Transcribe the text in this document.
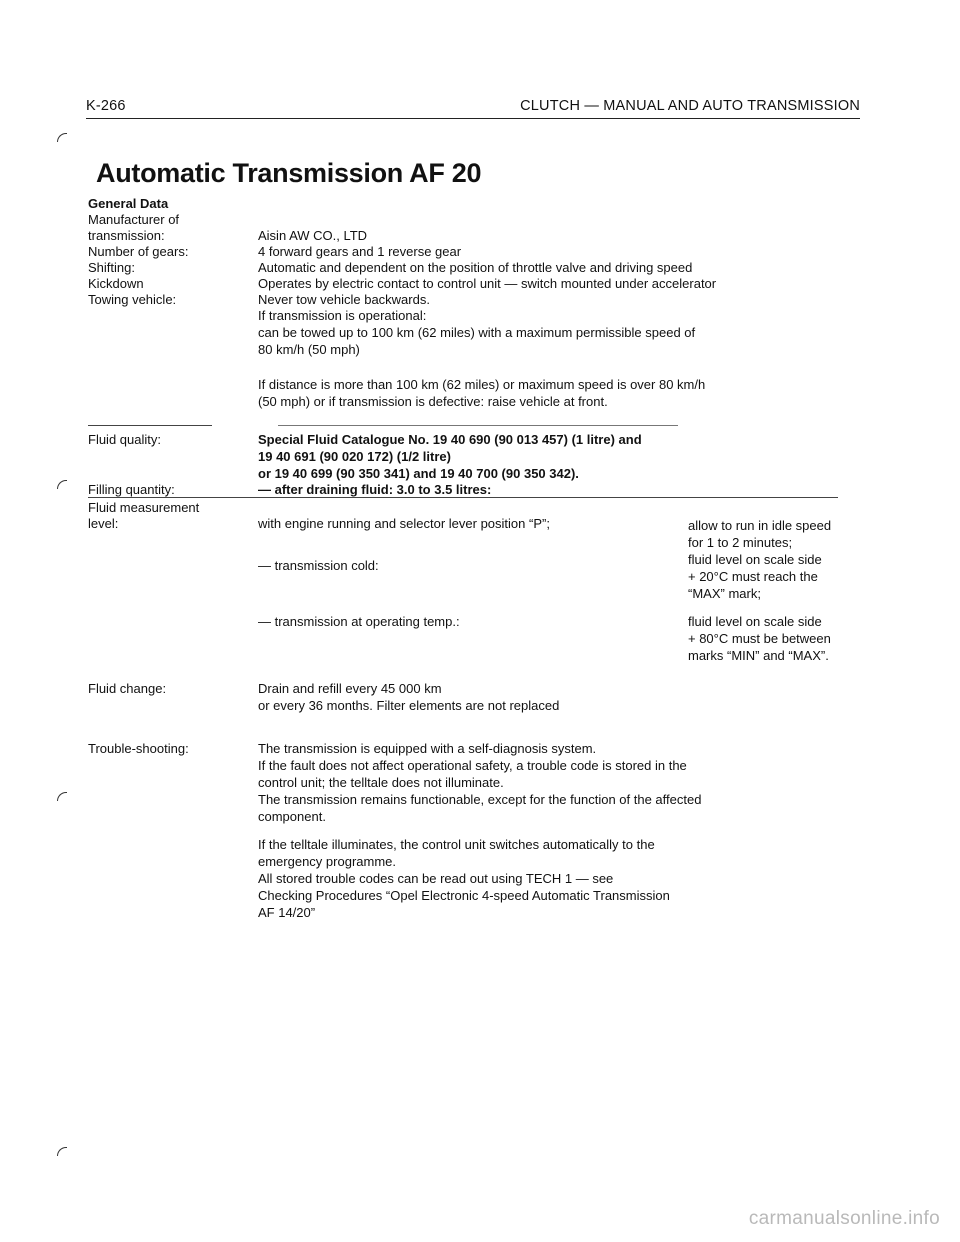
K-266	CLUTCH — MANUAL AND AUTO TRANSMISSION
Automatic Transmission AF 20
General Data
Manufacturer of
transmission:	Aisin AW CO., LTD
Number of gears:	4 forward gears and 1 reverse gear
Shifting:	Automatic and dependent on the position of throttle valve and driving speed
Kickdown	Operates by electric contact to control unit — switch mounted under accelerator
Towing vehicle:	Never tow vehicle backwards.
If transmission is operational:
can be towed up to 100 km (62 miles) with a maximum permissible speed of
80 km/h (50 mph)
If distance is more than 100 km (62 miles) or maximum speed is over 80 km/h
(50 mph) or if transmission is defective: raise vehicle at front.
Fluid quality:	Special Fluid Catalogue No. 19 40 690 (90 013 457) (1 litre) and
19 40 691 (90 020 172) (1/2 litre)
or 19 40 699 (90 350 341) and 19 40 700 (90 350 342).
Filling quantity:	— after draining fluid: 3.0 to 3.5 litres:
Fluid measurement
level:	with engine running and selector lever position “P”;	allow to run in idle speed
for 1 to 2 minutes;
— transmission cold:	fluid level on scale side
+ 20°C must reach the
“MAX” mark;
— transmission at operating temp.:	fluid level on scale side
+ 80°C must be between
marks “MIN” and “MAX”.
Fluid change:	Drain and refill every 45 000 km
or every 36 months. Filter elements are not replaced
Trouble-shooting:	The transmission is equipped with a self-diagnosis system.
If the fault does not affect operational safety, a trouble code is stored in the
control unit; the telltale does not illuminate.
The transmission remains functionable, except for the function of the affected
component.
If the telltale illuminates, the control unit switches automatically to the
emergency programme.
All stored trouble codes can be read out using TECH 1 — see
Checking Procedures “Opel Electronic 4-speed Automatic Transmission
AF 14/20”
carmanualsonline.info
